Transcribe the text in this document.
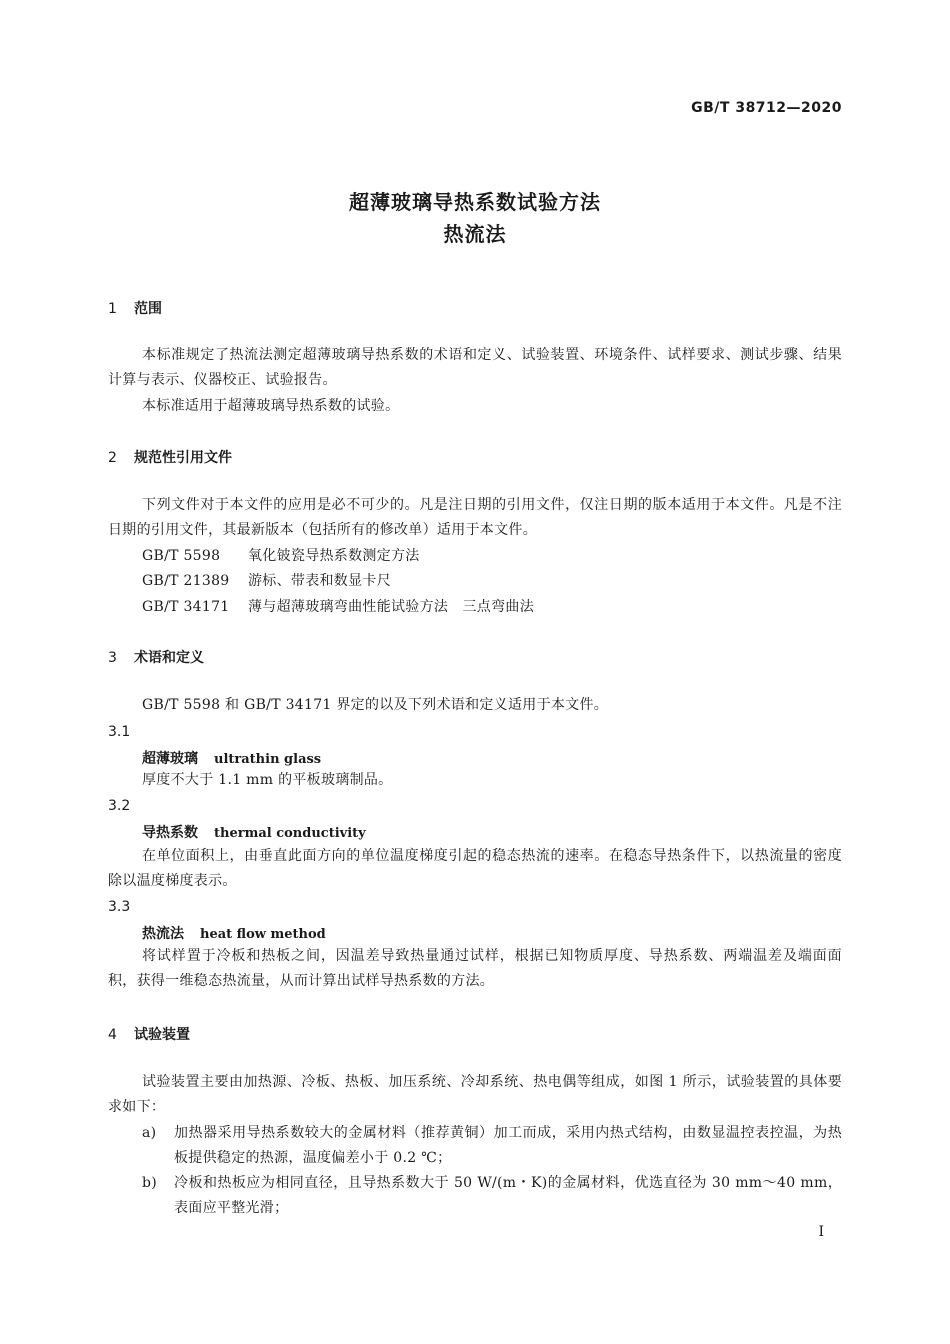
GB/T 38712—2020
超薄玻璃导热系数试验方法
热流法
1 范围
本标准规定了热流法测定超薄玻璃导热系数的术语和定义、试验装置、环境条件、试样要求、测试步骤、结果计算与表示、仪器校正、试验报告。
本标准适用于超薄玻璃导热系数的试验。
2 规范性引用文件
下列文件对于本文件的应用是必不可少的。凡是注日期的引用文件，仅注日期的版本适用于本文件。凡是不注日期的引用文件，其最新版本（包括所有的修改单）适用于本文件。
GB/T 5598 氧化铍瓷导热系数测定方法
GB/T 21389 游标、带表和数显卡尺
GB/T 34171 薄与超薄玻璃弯曲性能试验方法　三点弯曲法
3 术语和定义
GB/T 5598 和 GB/T 34171 界定的以及下列术语和定义适用于本文件。
3.1
超薄玻璃 ultrathin glass
厚度不大于 1.1 mm 的平板玻璃制品。
3.2
导热系数 thermal conductivity
在单位面积上，由垂直此面方向的单位温度梯度引起的稳态热流的速率。在稳态导热条件下，以热流量的密度除以温度梯度表示。
3.3
热流法 heat flow method
将试样置于冷板和热板之间，因温差导致热量通过试样，根据已知物质厚度、导热系数、两端温差及端面面积，获得一维稳态热流量，从而计算出试样导热系数的方法。
4 试验装置
试验装置主要由加热源、冷板、热板、加压系统、冷却系统、热电偶等组成，如图 1 所示，试验装置的具体要求如下：
a)	加热器采用导热系数较大的金属材料（推荐黄铜）加工而成，采用内热式结构，由数显温控表控温，为热板提供稳定的热源，温度偏差小于 0.2 ℃；
b)	冷板和热板应为相同直径，且导热系数大于 50 W/(m・K)的金属材料，优选直径为 30 mm～40 mm，表面应平整光滑；
I
